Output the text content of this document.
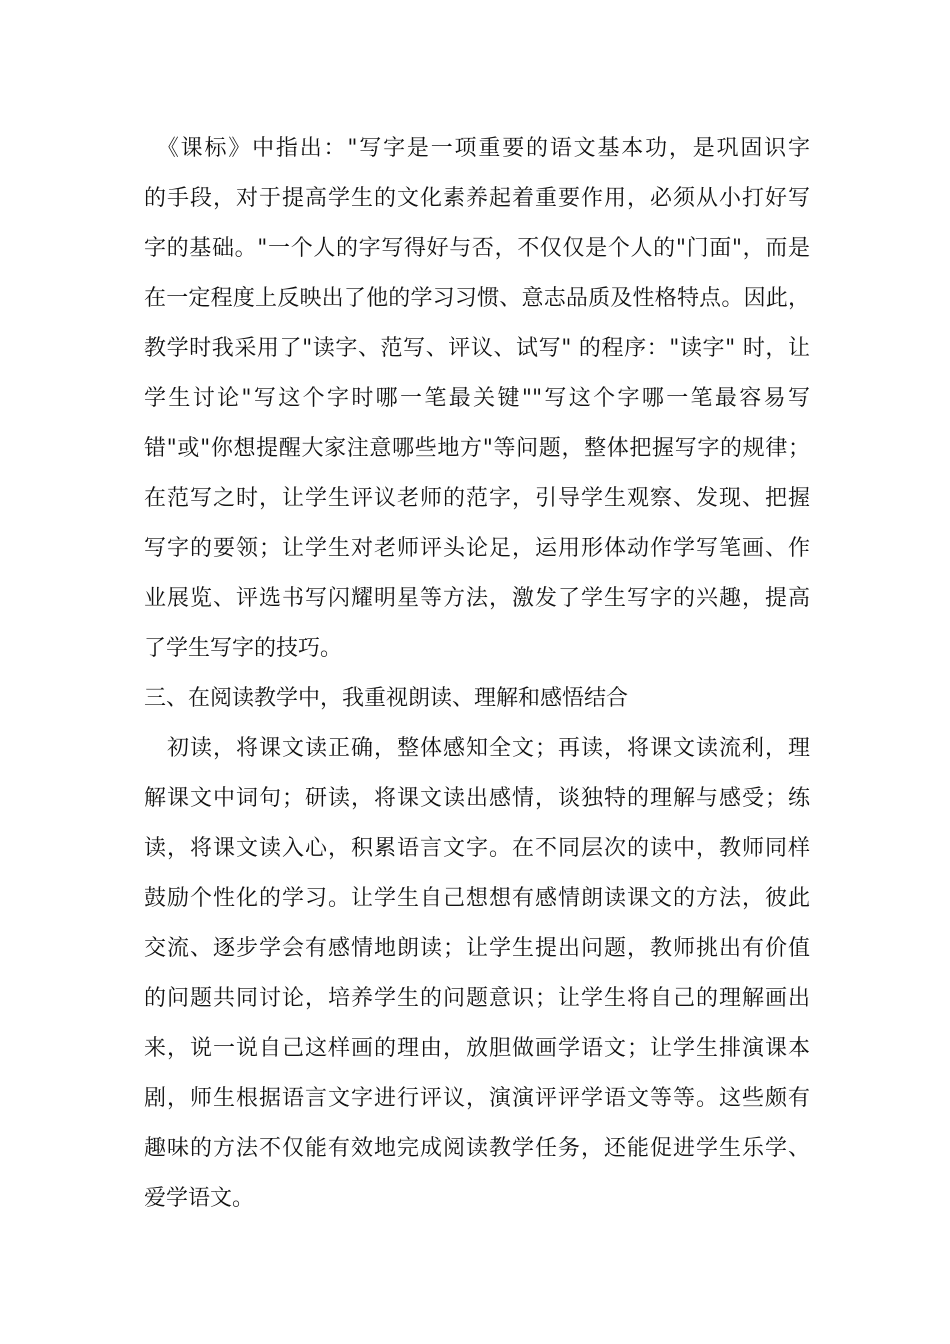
　《课标》中指出："写字是一项重要的语文基本功，是巩固识字
的手段，对于提高学生的文化素养起着重要作用，必须从小打好写
字的基础。"一个人的字写得好与否，不仅仅是个人的"门面"，而是
在一定程度上反映出了他的学习习惯、意志品质及性格特点。因此，
教学时我采用了"读字、范写、评议、试写" 的程序："读字" 时，让
学生讨论"写这个字时哪一笔最关键""写这个字哪一笔最容易写
错"或"你想提醒大家注意哪些地方"等问题，整体把握写字的规律；
在范写之时，让学生评议老师的范字，引导学生观察、发现、把握
写字的要领；让学生对老师评头论足，运用形体动作学写笔画、作
业展览、评选书写闪耀明星等方法，激发了学生写字的兴趣，提高
了学生写字的技巧。
三、在阅读教学中，我重视朗读、理解和感悟结合
　初读，将课文读正确，整体感知全文；再读，将课文读流利，理
解课文中词句；研读，将课文读出感情，谈独特的理解与感受；练
读，将课文读入心，积累语言文字。在不同层次的读中，教师同样
鼓励个性化的学习。让学生自己想想有感情朗读课文的方法，彼此
交流、逐步学会有感情地朗读；让学生提出问题，教师挑出有价值
的问题共同讨论，培养学生的问题意识；让学生将自己的理解画出
来，说一说自己这样画的理由，放胆做画学语文；让学生排演课本
剧，师生根据语言文字进行评议，演演评评学语文等等。这些颇有
趣味的方法不仅能有效地完成阅读教学任务，还能促进学生乐学、
爱学语文。
